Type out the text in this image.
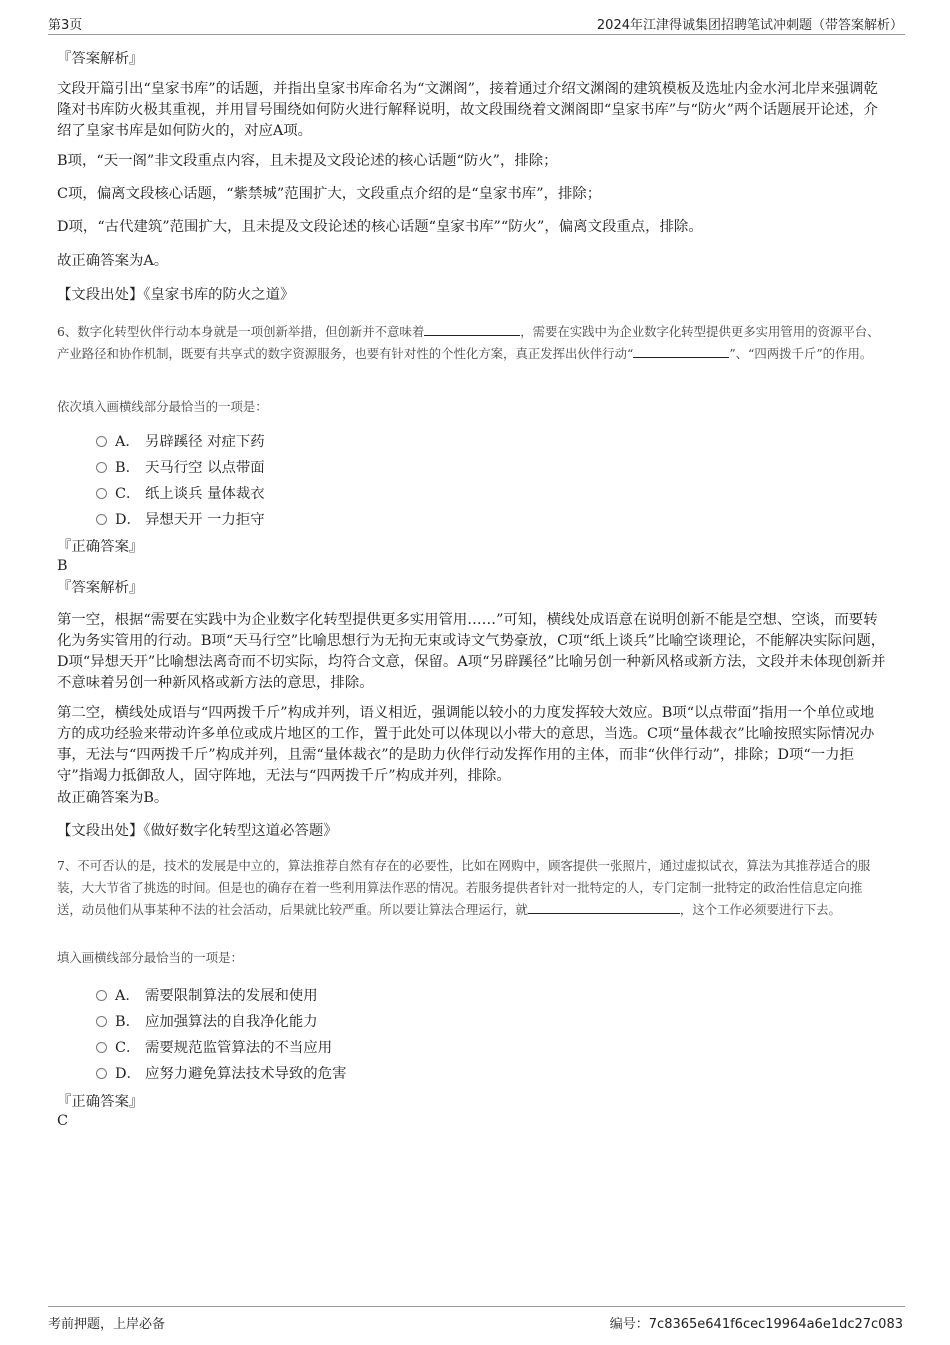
第3页	2024年江津得诚集团招聘笔试冲刺题（带答案解析）
『答案解析』
文段开篇引出“皇家书库”的话题，并指出皇家书库命名为“文渊阁”，接着通过介绍文渊阁的建筑模板及选址内金水河北岸来强调乾隆对书库防火极其重视，并用冒号围绕如何防火进行解释说明，故文段围绕着文渊阁即“皇家书库”与“防火”两个话题展开论述，介绍了皇家书库是如何防火的，对应A项。
B项，“天一阁”非文段重点内容，且未提及文段论述的核心话题“防火”，排除；
C项，偏离文段核心话题，“紫禁城”范围扩大，文段重点介绍的是“皇家书库”，排除；
D项，“古代建筑”范围扩大，且未提及文段论述的核心话题“皇家书库”“防火”，偏离文段重点，排除。
故正确答案为A。
【文段出处】《皇家书库的防火之道》
6、数字化转型伙伴行动本身就是一项创新举措，但创新并不意味着	，需要在实践中为企业数字化转型提供更多实用管用的资源平台、产业路径和协作机制，既要有共享式的数字资源服务，也要有针对性的个性化方案，真正发挥出伙伴行动“	”、“四两拨千斤”的作用。
依次填入画横线部分最恰当的一项是：
A． 另辟蹊径 对症下药
B． 天马行空 以点带面
C． 纸上谈兵 量体裁衣
D． 异想天开 一力拒守
『正确答案』
B
『答案解析』
第一空，根据“需要在实践中为企业数字化转型提供更多实用管用……”可知，横线处成语意在说明创新不能是空想、空谈，而要转化为务实管用的行动。B项“天马行空”比喻思想行为无拘无束或诗文气势豪放，C项“纸上谈兵”比喻空谈理论，不能解决实际问题，D项“异想天开”比喻想法离奇而不切实际，均符合文意，保留。A项“另辟蹊径”比喻另创一种新风格或新方法，文段并未体现创新并不意味着另创一种新风格或新方法的意思，排除。
第二空，横线处成语与“四两拨千斤”构成并列，语义相近，强调能以较小的力度发挥较大效应。B项“以点带面”指用一个单位或地方的成功经验来带动许多单位或成片地区的工作，置于此处可以体现以小带大的意思，当选。C项“量体裁衣”比喻按照实际情况办事，无法与“四两拨千斤”构成并列，且需“量体裁衣”的是助力伙伴行动发挥作用的主体，而非“伙伴行动”，排除；D项“一力拒守”指竭力抵御敌人，固守阵地，无法与“四两拨千斤”构成并列，排除。
故正确答案为B。
【文段出处】《做好数字化转型这道必答题》
7、不可否认的是，技术的发展是中立的，算法推荐自然有存在的必要性，比如在网购中，顾客提供一张照片，通过虚拟试衣，算法为其推荐适合的服装，大大节省了挑选的时间。但是也的确存在着一些利用算法作恶的情况。若服务提供者针对一批特定的人，专门定制一批特定的政治性信息定向推送，动员他们从事某种不法的社会活动，后果就比较严重。所以要让算法合理运行，就	，这个工作必须要进行下去。
填入画横线部分最恰当的一项是：
A． 需要限制算法的发展和使用
B． 应加强算法的自我净化能力
C． 需要规范监管算法的不当应用
D． 应努力避免算法技术导致的危害
『正确答案』
C
考前押题，上岸必备	编号：7c8365e641f6cec19964a6e1dc27c083
